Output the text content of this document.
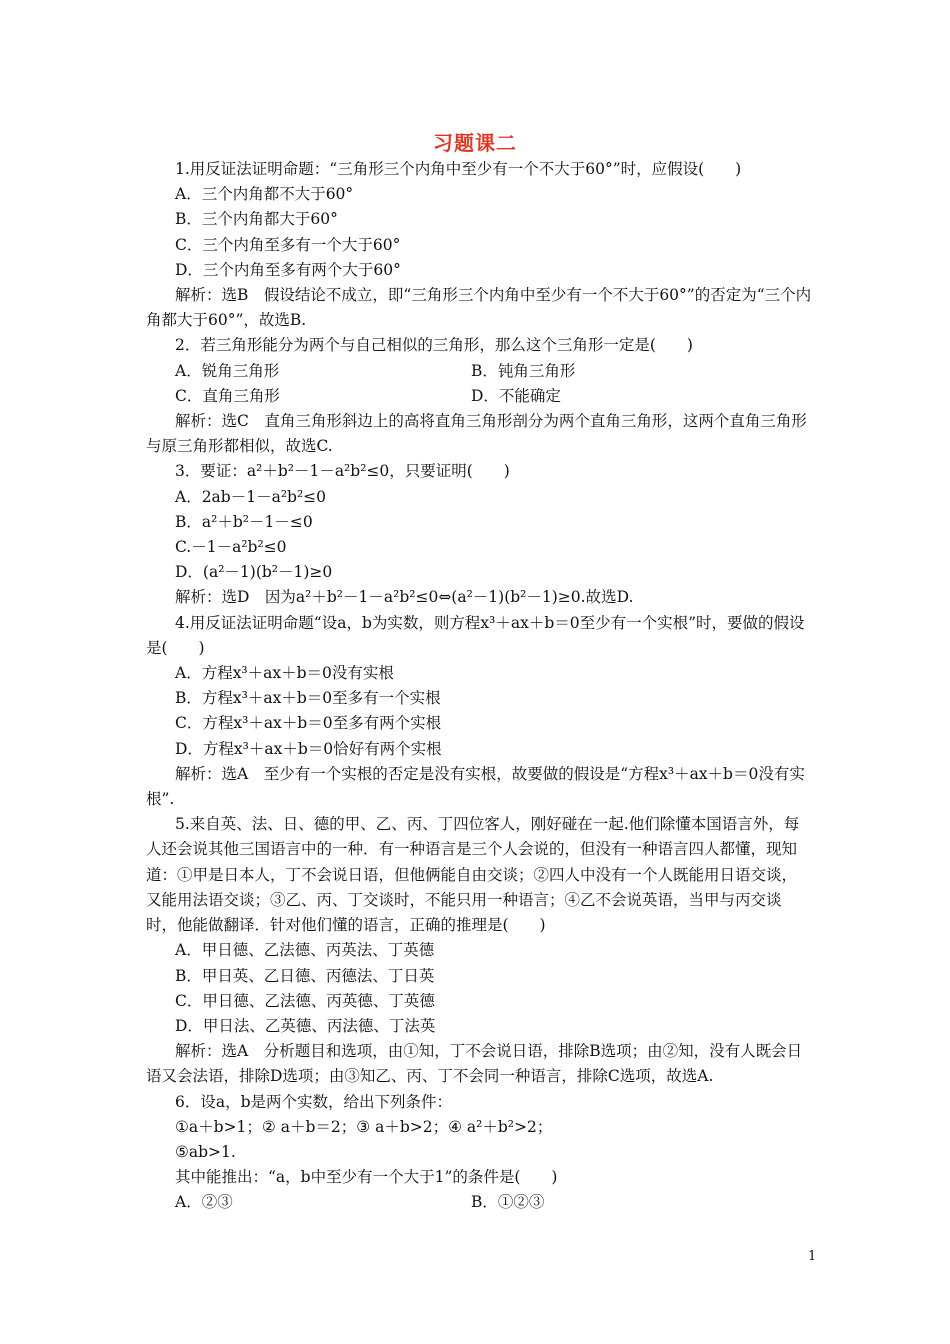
习题课二

1.用反证法证明命题：“三角形三个内角中至少有一个不大于60°”时，应假设(　　)

A．三个内角都不大于60°

B．三个内角都大于60°

C．三个内角至多有一个大于60°

D．三个内角至多有两个大于60°

解析：选B　假设结论不成立，即“三角形三个内角中至少有一个不大于60°”的否定为“三个内角都大于60°”，故选B.

2．若三角形能分为两个与自己相似的三角形，那么这个三角形一定是(　　)

A．锐角三角形	B．钝角三角形
C．直角三角形	D．不能确定

解析：选C　直角三角形斜边上的高将直角三角形剖分为两个直角三角形，这两个直角三角形与原三角形都相似，故选C.

3．要证：a²＋b²－1－a²b²≤0，只要证明(　　)

A．2ab－1－a²b²≤0

B．a²＋b²－1－≤0

C.－1－a²b²≤0

D．(a²－1)(b²－1)≥0

解析：选D　因为a²＋b²－1－a²b²≤0⇔(a²－1)(b²－1)≥0.故选D.

4.用反证法证明命题“设a，b为实数，则方程x³＋ax＋b＝0至少有一个实根”时，要做的假设是(　　)

A．方程x³＋ax＋b＝0没有实根

B．方程x³＋ax＋b＝0至多有一个实根

C．方程x³＋ax＋b＝0至多有两个实根

D．方程x³＋ax＋b＝0恰好有两个实根

解析：选A　至少有一个实根的否定是没有实根，故要做的假设是“方程x³＋ax＋b＝0没有实根”.

5.来自英、法、日、德的甲、乙、丙、丁四位客人，刚好碰在一起.他们除懂本国语言外，每人还会说其他三国语言中的一种．有一种语言是三个人会说的，但没有一种语言四人都懂，现知道：①甲是日本人，丁不会说日语，但他俩能自由交谈；②四人中没有一个人既能用日语交谈，又能用法语交谈；③乙、丙、丁交谈时，不能只用一种语言；④乙不会说英语，当甲与丙交谈时，他能做翻译．针对他们懂的语言，正确的推理是(　　)

A．甲日德、乙法德、丙英法、丁英德

B．甲日英、乙日德、丙德法、丁日英

C．甲日德、乙法德、丙英德、丁英德

D．甲日法、乙英德、丙法德、丁法英

解析：选A　分析题目和选项，由①知，丁不会说日语，排除B选项；由②知，没有人既会日语又会法语，排除D选项；由③知乙、丙、丁不会同一种语言，排除C选项，故选A.

6．设a，b是两个实数，给出下列条件：

①a＋b>1；② a＋b＝2；③ a＋b>2；④ a²＋b²>2；

⑤ab>1.

其中能推出：“a，b中至少有一个大于1”的条件是(　　)

A．②③	B．①②③
1
